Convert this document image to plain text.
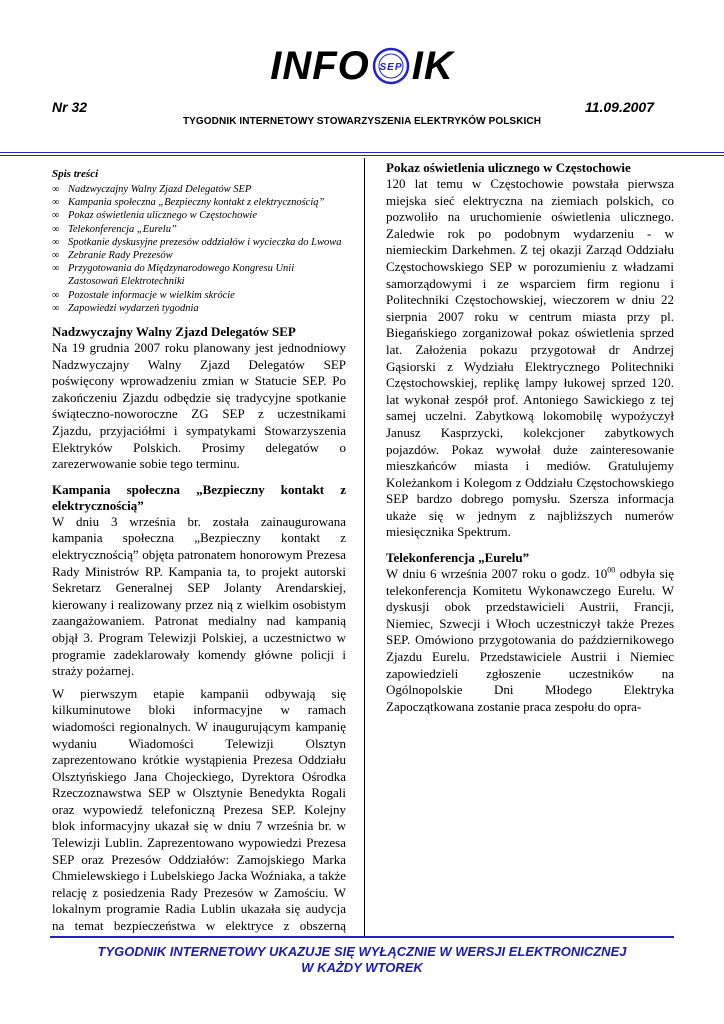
INFO SEP IK
Nr 32	11.09.2007
TYGODNIK INTERNETOWY STOWARZYSZENIA ELEKTRYKÓW POLSKICH
Spis treści
∞ Nadzwyczajny Walny Zjazd Delegatów SEP
∞ Kampania społeczna „Bezpieczny kontakt z elektrycznością”
∞ Pokaz oświetlenia ulicznego w Częstochowie
∞ Telekonferencja „Eurelu”
∞ Spotkanie dyskusyjne prezesów oddziałów i wycieczka do Lwowa
∞ Zebranie Rady Prezesów
∞ Przygotowania do Międzynarodowego Kongresu Unii Zastosowań Elektrotechniki
∞ Pozostałe informacje w wielkim skrócie
∞ Zapowiedzi wydarzeń tygodnia
Nadzwyczajny Walny Zjazd Delegatów SEP

Na 19 grudnia 2007 roku planowany jest jednodniowy Nadzwyczajny Walny Zjazd Delegatów SEP poświęcony wprowadzeniu zmian w Statucie SEP. Po zakończeniu Zjazdu odbędzie się tradycyjne spotkanie świąteczno-noworoczne ZG SEP z uczestnikami Zjazdu, przyjaciółmi i sympatykami Stowarzyszenia Elektryków Polskich. Prosimy delegatów o zarezerwowanie sobie tego terminu.

Kampania społeczna „Bezpieczny kontakt z elektrycznością”

W dniu 3 września br. została zainaugurowana kampania społeczna „Bezpieczny kontakt z elektrycznością” objęta patronatem honorowym Prezesa Rady Ministrów RP. Kampania ta, to projekt autorski Sekretarz Generalnej SEP Jolanty Arendarskiej, kierowany i realizowany przez nią z wielkim osobistym zaangażowaniem. Patronat medialny nad kampanią objął 3. Program Telewizji Polskiej, a uczestnictwo w programie zadeklarowały komendy główne policji i straży pożarnej.

W pierwszym etapie kampanii odbywają się kilkuminutowe bloki informacyjne w ramach wiadomości regionalnych. W inaugurującym kampanię wydaniu Wiadomości Telewizji Olsztyn zaprezentowano krótkie wystąpienia Prezesa Oddziału Olsztyńskiego Jana Chojeckiego, Dyrektora Ośrodka Rzeczoznawstwa SEP w Olsztynie Benedykta Rogali oraz wypowiedź telefoniczną Prezesa SEP. Kolejny blok informacyjny ukazał się w dniu 7 września br. w Telewizji Lublin. Zaprezentowano wypowiedzi Prezesa SEP oraz Prezesów Oddziałów: Zamojskiego Marka Chmielewskiego i Lubelskiego Jacka Woźniaka, a także relację z posiedzenia Rady Prezesów w Zamościu. W lokalnym programie Radia Lublin ukazała się audycja na temat bezpieczeństwa w elektryce z obszerną

Pokaz oświetlenia ulicznego w Częstochowie

120 lat temu w Częstochowie powstała pierwsza miejska sieć elektryczna na ziemiach polskich, co pozwoliło na uruchomienie oświetlenia ulicznego. Zaledwie rok po podobnym wydarzeniu - w niemieckim Darkehmen. Z tej okazji Zarząd Oddziału Częstochowskiego SEP w porozumieniu z władzami samorządowymi i ze wsparciem firm regionu i Politechniki Częstochowskiej, wieczorem w dniu 22 sierpnia 2007 roku w centrum miasta przy pl. Biegańskiego zorganizował pokaz oświetlenia sprzed lat. Założenia pokazu przygotował dr Andrzej Gąsiorski z Wydziału Elektrycznego Politechniki Częstochowskiej, replikę lampy łukowej sprzed 120. lat wykonał zespół prof. Antoniego Sawickiego z tej samej uczelni. Zabytkową lokomobilę wypożyczył Janusz Kasprzycki, kolekcjoner zabytkowych pojazdów. Pokaz wywołał duże zainteresowanie mieszkańców miasta i mediów. Gratulujemy Koleżankom i Kolegom z Oddziału Częstochowskiego SEP bardzo dobrego pomysłu. Szersza informacja ukaże się w jednym z najbliższych numerów miesięcznika Spektrum.

Telekonferencja „Eurelu”

W dniu 6 września 2007 roku o godz. $10^{00}$ odbyła się telekonferencja Komitetu Wykonawczego Eurelu. W dyskusji obok przedstawicieli Austrii, Francji, Niemiec, Szwecji i Włoch uczestniczył także Prezes SEP. Omówiono przygotowania do październikowego Zjazdu Eurelu. Przedstawiciele Austrii i Niemiec zapowiedzieli zgłoszenie uczestników na Ogólnopolskie Dni Młodego Elektryka Zapoczątkowana zostanie praca zespołu do opra-

TYGODNIK INTERNETOWY UKAZUJE SIĘ WYŁĄCZNIE W WERSJI ELEKTRONICZNEJ
W KAŻDY WTOREK
